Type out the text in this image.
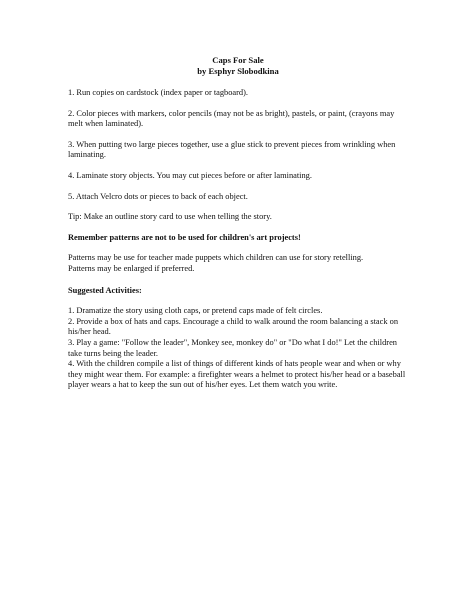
Caps For Sale
by Esphyr Slobodkina

1. Run copies on cardstock (index paper or tagboard).

2. Color pieces with markers, color pencils (may not be as bright), pastels, or paint, (crayons may melt when laminated).

3. When putting two large pieces together, use a glue stick to prevent pieces from wrinkling when laminating.

4. Laminate story objects. You may cut pieces before or after laminating.

5. Attach Velcro dots or pieces to back of each object.

Tip: Make an outline story card to use when telling the story.

Remember patterns are not to be used for children's art projects!

Patterns may be use for teacher made puppets which children can use for story retelling.

Patterns may be enlarged if preferred.

Suggested Activities:

1. Dramatize the story using cloth caps, or pretend caps made of felt circles.

2. Provide a box of hats and caps. Encourage a child to walk around the room balancing a stack on his/her head.

3. Play a game: "Follow the leader", Monkey see, monkey do" or "Do what I do!" Let the children take turns being the leader.

4. With the children compile a list of things of different kinds of hats people wear and when or why they might wear them. For example: a firefighter wears a helmet to protect his/her head or a baseball player wears a hat to keep the sun out of his/her eyes. Let them watch you write.
